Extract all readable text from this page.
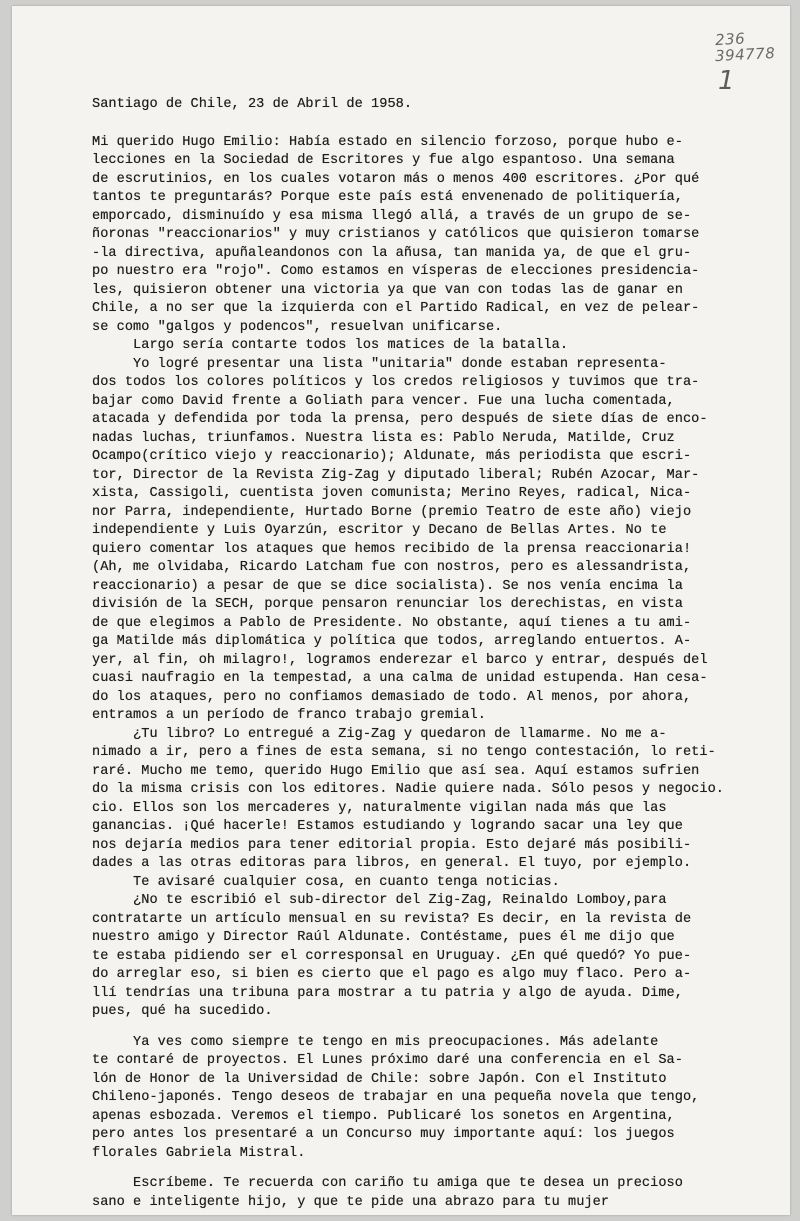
236
394778
1
Santiago de Chile, 23 de Abril de 1958.
Mi querido Hugo Emilio: Había estado en silencio forzoso, porque hubo e-
lecciones en la Sociedad de Escritores y fue algo espantoso. Una semana
de escrutinios, en los cuales votaron más o menos 400 escritores. ¿Por qué
tantos te preguntarás? Porque este país está envenenado de politiquería,
emporcado, disminuído y esa misma llegó allá, a través de un grupo de se-
ñoronas "reaccionarios" y muy cristianos y católicos que quisieron tomarse
-la directiva, apuñaleandonos con la añusa, tan manida ya, de que el gru-
po nuestro era "rojo". Como estamos en vísperas de elecciones presidencia-
les, quisieron obtener una victoria ya que van con todas las de ganar en
Chile, a no ser que la izquierda con el Partido Radical, en vez de pelear-
se como "galgos y podencos", resuelvan unificarse.
Largo sería contarte todos los matices de la batalla.
Yo logré presentar una lista "unitaria" donde estaban representa-
dos todos los colores políticos y los credos religiosos y tuvimos que tra-
bajar como David frente a Goliath para vencer. Fue una lucha comentada,
atacada y defendida por toda la prensa, pero después de siete días de enco-
nadas luchas, triunfamos. Nuestra lista es: Pablo Neruda, Matilde, Cruz
Ocampo(crítico viejo y reaccionario); Aldunate, más periodista que escri-
tor, Director de la Revista Zig-Zag y diputado liberal; Rubén Azocar, Mar-
xista, Cassigoli, cuentista joven comunista; Merino Reyes, radical, Nica-
nor Parra, independiente, Hurtado Borne (premio Teatro de este año) viejo
independiente y Luis Oyarzún, escritor y Decano de Bellas Artes. No te
quiero comentar los ataques que hemos recibido de la prensa reaccionaria!
(Ah, me olvidaba, Ricardo Latcham fue con nostros, pero es alessandrista,
reaccionario) a pesar de que se dice socialista). Se nos venía encima la
división de la SECH, porque pensaron renunciar los derechistas, en vista
de que elegimos a Pablo de Presidente. No obstante, aquí tienes a tu ami-
ga Matilde más diplomática y política que todos, arreglando entuertos. A-
yer, al fin, oh milagro!, logramos enderezar el barco y entrar, después del
cuasi naufragio en la tempestad, a una calma de unidad estupenda. Han cesa-
do los ataques, pero no confiamos demasiado de todo. Al menos, por ahora,
entramos a un período de franco trabajo gremial.
¿Tu libro? Lo entregué a Zig-Zag y quedaron de llamarme. No me a-
nimado a ir, pero a fines de esta semana, si no tengo contestación, lo reti-
raré. Mucho me temo, querido Hugo Emilio que así sea. Aquí estamos sufrien
do la misma crisis con los editores. Nadie quiere nada. Sólo pesos y negocio.
cio. Ellos son los mercaderes y, naturalmente vigilan nada más que las
ganancias. ¡Qué hacerle! Estamos estudiando y logrando sacar una ley que
nos dejaría medios para tener editorial propia. Esto dejaré más posibili-
dades a las otras editoras para libros, en general. El tuyo, por ejemplo.
Te avisaré cualquier cosa, en cuanto tenga noticias.
¿No te escribió el sub-director del Zig-Zag, Reinaldo Lomboy,para
contratarte un artículo mensual en su revista? Es decir, en la revista de
nuestro amigo y Director Raúl Aldunate. Contéstame, pues él me dijo que
te estaba pidiendo ser el corresponsal en Uruguay. ¿En qué quedó? Yo pue-
do arreglar eso, si bien es cierto que el pago es algo muy flaco. Pero a-
llí tendrías una tribuna para mostrar a tu patria y algo de ayuda. Dime,
pues, qué ha sucedido.
Ya ves como siempre te tengo en mis preocupaciones. Más adelante
te contaré de proyectos. El Lunes próximo daré una conferencia en el Sa-
lón de Honor de la Universidad de Chile: sobre Japón. Con el Instituto
Chileno-japonés. Tengo deseos de trabajar en una pequeña novela que tengo,
apenas esbozada. Veremos el tiempo. Publicaré los sonetos en Argentina,
pero antes los presentaré a un Concurso muy importante aquí: los juegos
florales Gabriela Mistral.
Escríbeme. Te recuerda con cariño tu amiga que te desea un precioso
sano e inteligente hijo, y que te pide una abrazo para tu mujer
